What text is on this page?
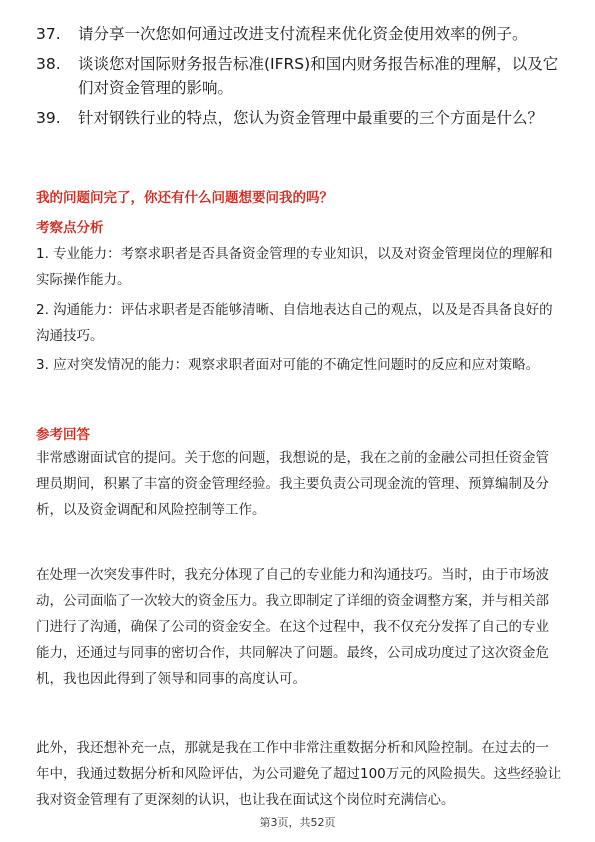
37.	请分享一次您如何通过改进支付流程来优化资金使用效率的例子。
38.	谈谈您对国际财务报告标准(IFRS)和国内财务报告标准的理解，以及它们对资金管理的影响。
39.	针对钢铁行业的特点，您认为资金管理中最重要的三个方面是什么？
我的问题问完了，你还有什么问题想要问我的吗？
考察点分析
1. 专业能力：考察求职者是否具备资金管理的专业知识，以及对资金管理岗位的理解和实际操作能力。
2. 沟通能力：评估求职者是否能够清晰、自信地表达自己的观点，以及是否具备良好的沟通技巧。
3. 应对突发情况的能力：观察求职者面对可能的不确定性问题时的反应和应对策略。
参考回答
非常感谢面试官的提问。关于您的问题，我想说的是，我在之前的金融公司担任资金管理员期间，积累了丰富的资金管理经验。我主要负责公司现金流的管理、预算编制及分析，以及资金调配和风险控制等工作。
在处理一次突发事件时，我充分体现了自己的专业能力和沟通技巧。当时，由于市场波动，公司面临了一次较大的资金压力。我立即制定了详细的资金调整方案，并与相关部门进行了沟通，确保了公司的资金安全。在这个过程中，我不仅充分发挥了自己的专业能力，还通过与同事的密切合作，共同解决了问题。最终，公司成功度过了这次资金危机，我也因此得到了领导和同事的高度认可。
此外，我还想补充一点，那就是我在工作中非常注重数据分析和风险控制。在过去的一年中，我通过数据分析和风险评估，为公司避免了超过100万元的风险损失。这些经验让我对资金管理有了更深刻的认识，也让我在面试这个岗位时充满信心。
第3页，共52页
